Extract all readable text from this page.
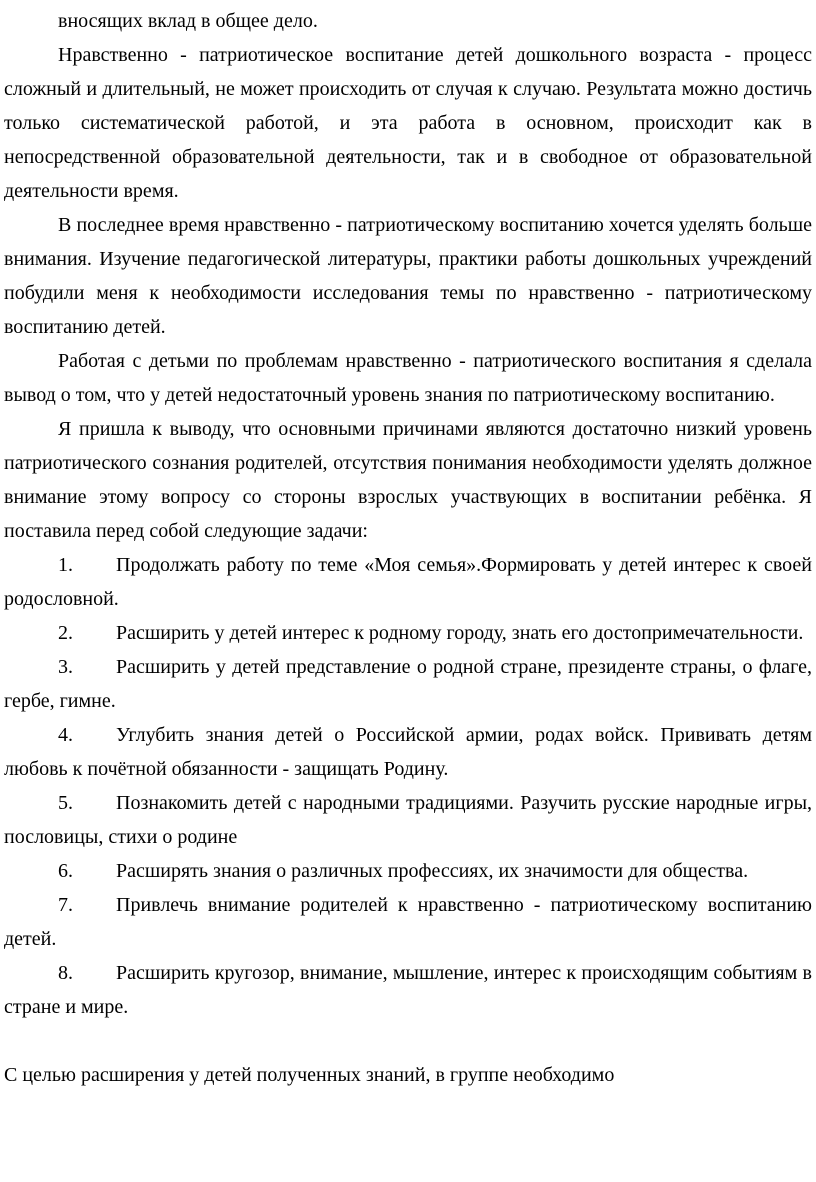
вносящих вклад в общее дело.

Нравственно - патриотическое воспитание детей дошкольного возраста - процесс сложный и длительный, не может происходить от случая к случаю. Результата можно достичь только систематической работой, и эта работа в основном, происходит как в непосредственной образовательной деятельности, так и в свободное от образовательной деятельности время.

В последнее время нравственно - патриотическому воспитанию хочется уделять больше внимания. Изучение педагогической литературы, практики работы дошкольных учреждений побудили меня к необходимости исследования темы по нравственно - патриотическому воспитанию детей.

Работая с детьми по проблемам нравственно - патриотического воспитания я сделала вывод о том, что у детей недостаточный уровень знания по патриотическому воспитанию.

Я пришла к выводу, что основными причинами являются достаточно низкий уровень патриотического сознания родителей, отсутствия понимания необходимости уделять должное внимание этому вопросу со стороны взрослых участвующих в воспитании ребёнка. Я поставила перед собой следующие задачи:

1. Продолжать работу по теме «Моя семья».Формировать у детей интерес к своей родословной.
2. Расширить у детей интерес к родному городу, знать его достопримечательности.
3. Расширить у детей представление о родной стране, президенте страны, о флаге, гербе, гимне.
4. Углубить знания детей о Российской армии, родах войск. Прививать детям любовь к почётной обязанности - защищать Родину.
5. Познакомить детей с народными традициями. Разучить русские народные игры, пословицы, стихи о родине
6. Расширять знания о различных профессиях, их значимости для общества.
7. Привлечь внимание родителей к нравственно - патриотическому воспитанию детей.
8. Расширить кругозор, внимание, мышление, интерес к происходящим событиям в стране и мире.

С целью расширения у детей полученных знаний, в группе необходимо
